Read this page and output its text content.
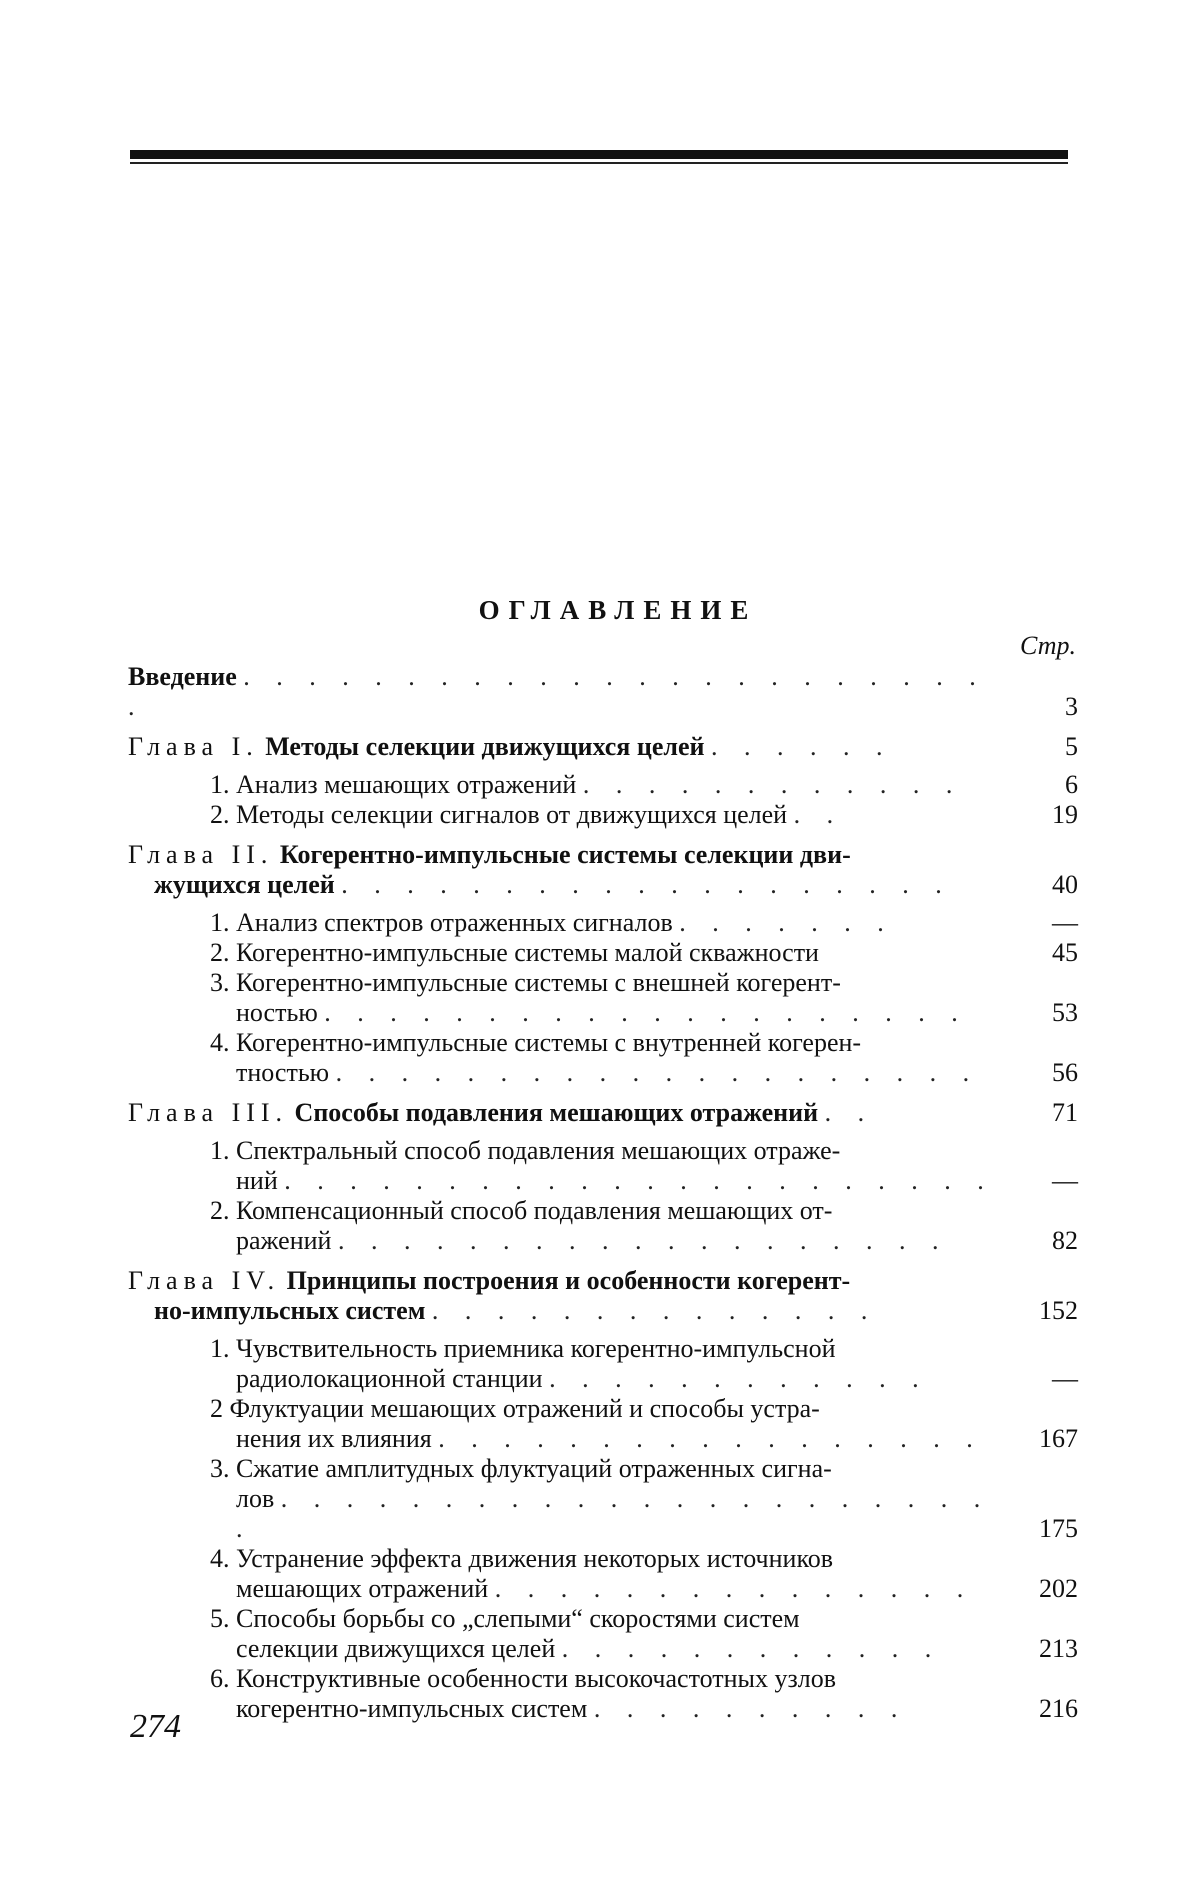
ОГЛАВЛЕНИЕ
Стр.
Введение . . . . . . . . . . . . . . . . . . . . . . . .	3
Глава I. Методы селекции движущихся целей . . . . . .	5
1. Анализ мешающих отражений . . . . . . . . . . . .	6
2. Методы селекции сигналов от движущихся целей . .	19
Глава II. Когерентно-импульсные системы селекции дви-
жущихся целей . . . . . . . . . . . . . . . . . . .	40
1. Анализ спектров отраженных сигналов . . . . . . .	—
2. Когерентно-импульсные системы малой скважности	45
3. Когерентно-импульсные системы с внешней когерент-
ностью . . . . . . . . . . . . . . . . . . . .	53
4. Когерентно-импульсные системы с внутренней когерен-
тностью . . . . . . . . . . . . . . . . . . . .	56
Глава III. Способы подавления мешающих отражений . .	71
1. Спектральный способ подавления мешающих отраже-
ний . . . . . . . . . . . . . . . . . . . . . .	—
2. Компенсационный способ подавления мешающих от-
ражений . . . . . . . . . . . . . . . . . . .	82
Глава IV. Принципы построения и особенности когерент-
но-импульсных систем . . . . . . . . . . . . . .	152
1. Чувствительность приемника когерентно-импульсной
радиолокационной станции . . . . . . . . . . . .	—
2 Флуктуации мешающих отражений и способы устра-
нения их влияния . . . . . . . . . . . . . . . . .	167
3. Сжатие амплитудных флуктуаций отраженных сигна-
лов . . . . . . . . . . . . . . . . . . . . . . .	175
4. Устранение эффекта движения некоторых источников
мешающих отражений . . . . . . . . . . . . . . .	202
5. Способы борьбы со „слепыми“ скоростями систем
селекции движущихся целей . . . . . . . . . . . .	213
6. Конструктивные особенности высокочастотных узлов
когерентно-импульсных систем . . . . . . . . . .	216
274
